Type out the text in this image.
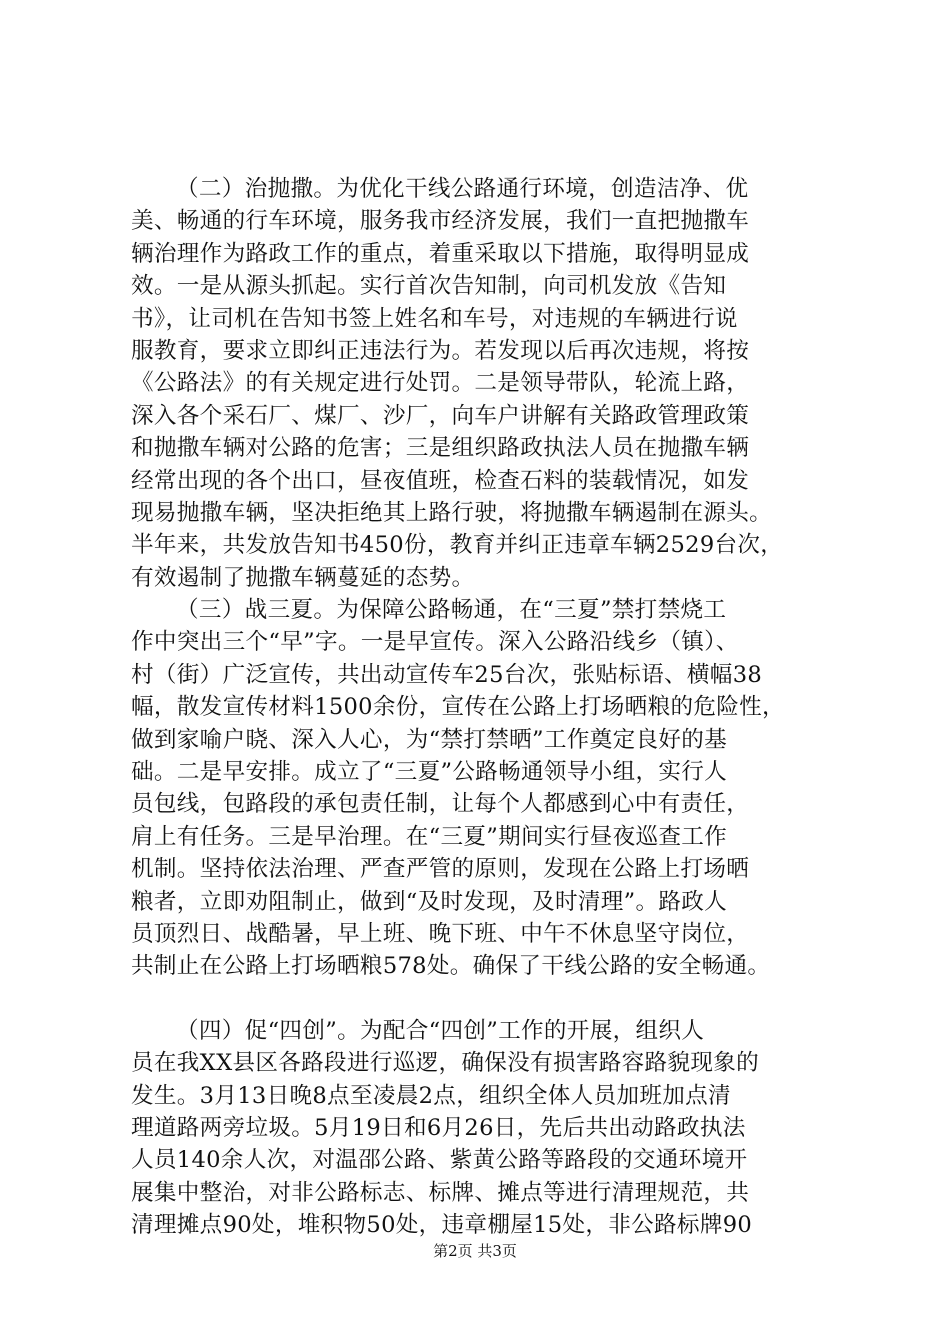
（二）治抛撒。为优化干线公路通行环境，创造洁净、优
美、畅通的行车环境，服务我市经济发展，我们一直把抛撒车
辆治理作为路政工作的重点，着重采取以下措施，取得明显成
效。一是从源头抓起。实行首次告知制，向司机发放《告知
书》，让司机在告知书签上姓名和车号，对违规的车辆进行说
服教育，要求立即纠正违法行为。若发现以后再次违规，将按
《公路法》的有关规定进行处罚。二是领导带队，轮流上路，
深入各个采石厂、煤厂、沙厂，向车户讲解有关路政管理政策
和抛撒车辆对公路的危害；三是组织路政执法人员在抛撒车辆
经常出现的各个出口，昼夜值班，检查石料的装载情况，如发
现易抛撒车辆，坚决拒绝其上路行驶，将抛撒车辆遏制在源头。
半年来，共发放告知书450份，教育并纠正违章车辆2529台次，
有效遏制了抛撒车辆蔓延的态势。
（三）战三夏。为保障公路畅通，在“三夏”禁打禁烧工
作中突出三个“早”字。一是早宣传。深入公路沿线乡（镇）、
村（街）广泛宣传，共出动宣传车25台次，张贴标语、横幅38
幅，散发宣传材料1500余份，宣传在公路上打场晒粮的危险性，
做到家喻户晓、深入人心，为“禁打禁晒”工作奠定良好的基
础。二是早安排。成立了“三夏”公路畅通领导小组，实行人
员包线，包路段的承包责任制，让每个人都感到心中有责任，
肩上有任务。三是早治理。在“三夏”期间实行昼夜巡查工作
机制。坚持依法治理、严查严管的原则，发现在公路上打场晒
粮者，立即劝阻制止，做到“及时发现，及时清理”。路政人
员顶烈日、战酷暑，早上班、晚下班、中午不休息坚守岗位，
共制止在公路上打场晒粮578处。确保了干线公路的安全畅通。
（四）促“四创”。为配合“四创”工作的开展，组织人
员在我XX县区各路段进行巡逻，确保没有损害路容路貌现象的
发生。3月13日晚8点至凌晨2点，组织全体人员加班加点清
理道路两旁垃圾。5月19日和6月26日，先后共出动路政执法
人员140余人次，对温邵公路、紫黄公路等路段的交通环境开
展集中整治，对非公路标志、标牌、摊点等进行清理规范，共
清理摊点90处，堆积物50处，违章棚屋15处，非公路标牌90
第2页 共3页
